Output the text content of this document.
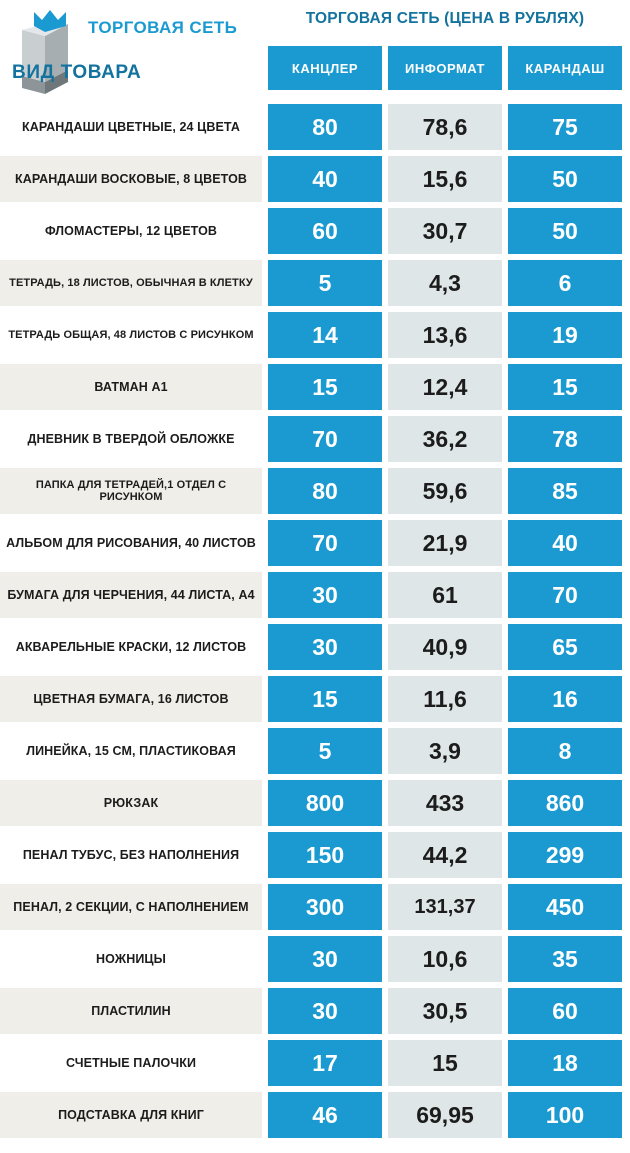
ТОРГОВАЯ СЕТЬ
ВИД ТОВАРА
ТОРГОВАЯ СЕТЬ (ЦЕНА В РУБЛЯХ)
КАНЦЛЕР	ИНФОРМАТ	КАРАНДАШ
КАРАНДАШИ ЦВЕТНЫЕ, 24 ЦВЕТА	80	78,6	75
КАРАНДАШИ ВОСКОВЫЕ, 8 ЦВЕТОВ	40	15,6	50
ФЛОМАСТЕРЫ, 12 ЦВЕТОВ	60	30,7	50
ТЕТРАДЬ, 18 ЛИСТОВ, ОБЫЧНАЯ В КЛЕТКУ	5	4,3	6
ТЕТРАДЬ ОБЩАЯ, 48 ЛИСТОВ С РИСУНКОМ	14	13,6	19
ВАТМАН А1	15	12,4	15
ДНЕВНИК В ТВЕРДОЙ ОБЛОЖКЕ	70	36,2	78
ПАПКА ДЛЯ ТЕТРАДЕЙ,1 ОТДЕЛ С РИСУНКОМ	80	59,6	85
АЛЬБОМ ДЛЯ РИСОВАНИЯ, 40 ЛИСТОВ	70	21,9	40
БУМАГА ДЛЯ ЧЕРЧЕНИЯ, 44 ЛИСТА, А4	30	61	70
АКВАРЕЛЬНЫЕ КРАСКИ, 12 ЛИСТОВ	30	40,9	65
ЦВЕТНАЯ БУМАГА, 16 ЛИСТОВ	15	11,6	16
ЛИНЕЙКА, 15 СМ, ПЛАСТИКОВАЯ	5	3,9	8
РЮКЗАК	800	433	860
ПЕНАЛ ТУБУС, БЕЗ НАПОЛНЕНИЯ	150	44,2	299
ПЕНАЛ, 2 СЕКЦИИ, С НАПОЛНЕНИЕМ	300	131,37	450
НОЖНИЦЫ	30	10,6	35
ПЛАСТИЛИН	30	30,5	60
СЧЕТНЫЕ ПАЛОЧКИ	17	15	18
ПОДСТАВКА ДЛЯ КНИГ	46	69,95	100
